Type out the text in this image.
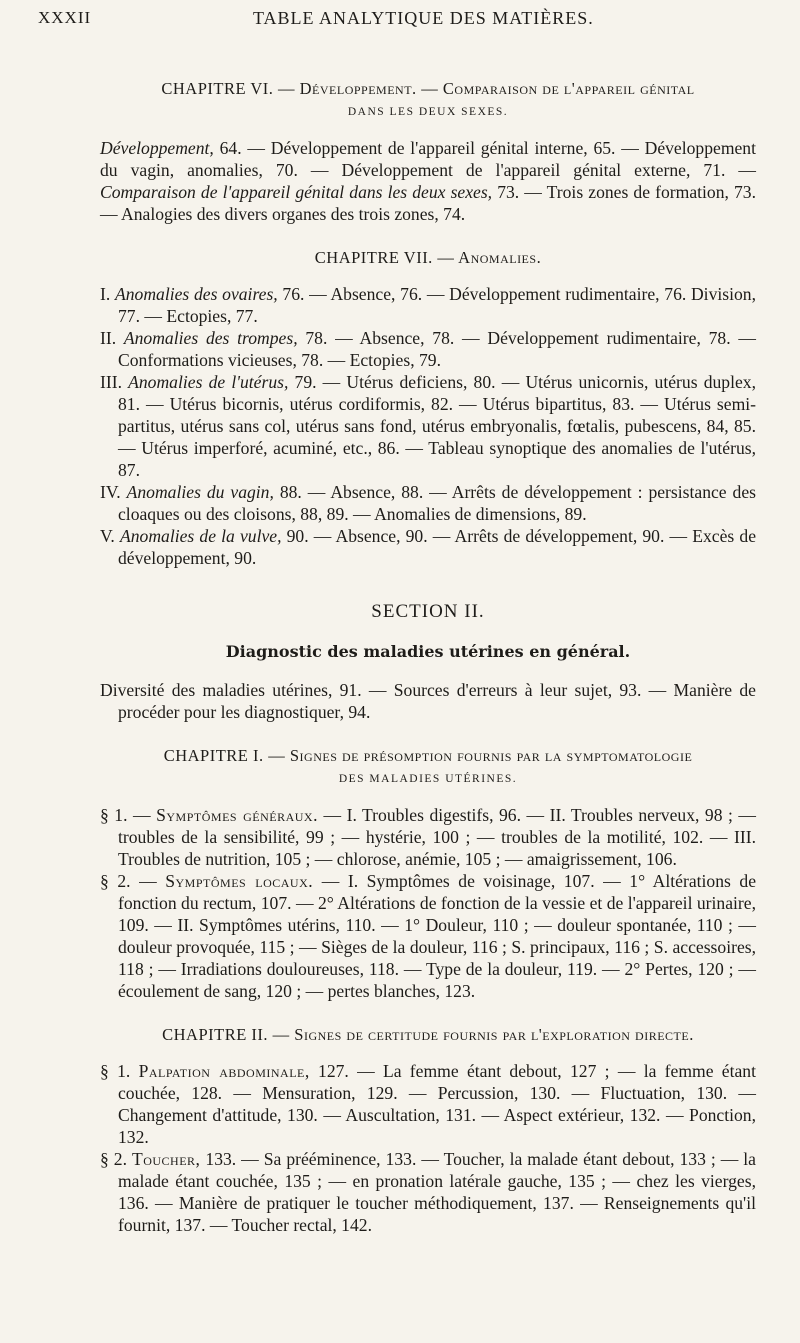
XXXII	TABLE ANALYTIQUE DES MATIÈRES.
CHAPITRE VI. — Développement. — Comparaison de l'appareil génital
DANS LES DEUX SEXES.

Développement, 64. — Développement de l'appareil génital interne, 65. — Développement du vagin, anomalies, 70. — Développement de l'appareil génital externe, 71. — Comparaison de l'appareil génital dans les deux sexes, 73. — Trois zones de formation, 73. — Analogies des divers organes des trois zones, 74.

CHAPITRE VII. — Anomalies.

I. Anomalies des ovaires, 76. — Absence, 76. — Développement rudimentaire, 76. Division, 77. — Ectopies, 77.

II. Anomalies des trompes, 78. — Absence, 78. — Développement rudimentaire, 78. — Conformations vicieuses, 78. — Ectopies, 79.

III. Anomalies de l'utérus, 79. — Utérus deficiens, 80. — Utérus unicornis, utérus duplex, 81. — Utérus bicornis, utérus cordiformis, 82. — Utérus bipartitus, 83. — Utérus semi-partitus, utérus sans col, utérus sans fond, utérus embryonalis, fœtalis, pubescens, 84, 85. — Utérus imperforé, acuminé, etc., 86. — Tableau synoptique des anomalies de l'utérus, 87.

IV. Anomalies du vagin, 88. — Absence, 88. — Arrêts de développement : persistance des cloaques ou des cloisons, 88, 89. — Anomalies de dimensions, 89.

V. Anomalies de la vulve, 90. — Absence, 90. — Arrêts de développement, 90. — Excès de développement, 90.

SECTION II.
Diagnostic des maladies utérines en général.

Diversité des maladies utérines, 91. — Sources d'erreurs à leur sujet, 93. — Manière de procéder pour les diagnostiquer, 94.

CHAPITRE I. — Signes de présomption fournis par la symptomatologie
DES MALADIES UTÉRINES.

§ 1. — Symptômes généraux. — I. Troubles digestifs, 96. — II. Troubles nerveux, 98 ; — troubles de la sensibilité, 99 ; — hystérie, 100 ; — troubles de la motilité, 102. — III. Troubles de nutrition, 105 ; — chlorose, anémie, 105 ; — amaigrissement, 106.

§ 2. — Symptômes locaux. — I. Symptômes de voisinage, 107. — 1° Altérations de fonction du rectum, 107. — 2° Altérations de fonction de la vessie et de l'appareil urinaire, 109. — II. Symptômes utérins, 110. — 1° Douleur, 110 ; — douleur spontanée, 110 ; — douleur provoquée, 115 ; — Sièges de la douleur, 116 ; S. principaux, 116 ; S. accessoires, 118 ; — Irradiations douloureuses, 118. — Type de la douleur, 119. — 2° Pertes, 120 ; — écoulement de sang, 120 ; — pertes blanches, 123.

CHAPITRE II. — Signes de certitude fournis par l'exploration directe.

§ 1. Palpation abdominale, 127. — La femme étant debout, 127 ; — la femme étant couchée, 128. — Mensuration, 129. — Percussion, 130. — Fluctuation, 130. — Changement d'attitude, 130. — Auscultation, 131. — Aspect extérieur, 132. — Ponction, 132.

§ 2. Toucher, 133. — Sa prééminence, 133. — Toucher, la malade étant debout, 133 ; — la malade étant couchée, 135 ; — en pronation latérale gauche, 135 ; — chez les vierges, 136. — Manière de pratiquer le toucher méthodiquement, 137. — Renseignements qu'il fournit, 137. — Toucher rectal, 142.
